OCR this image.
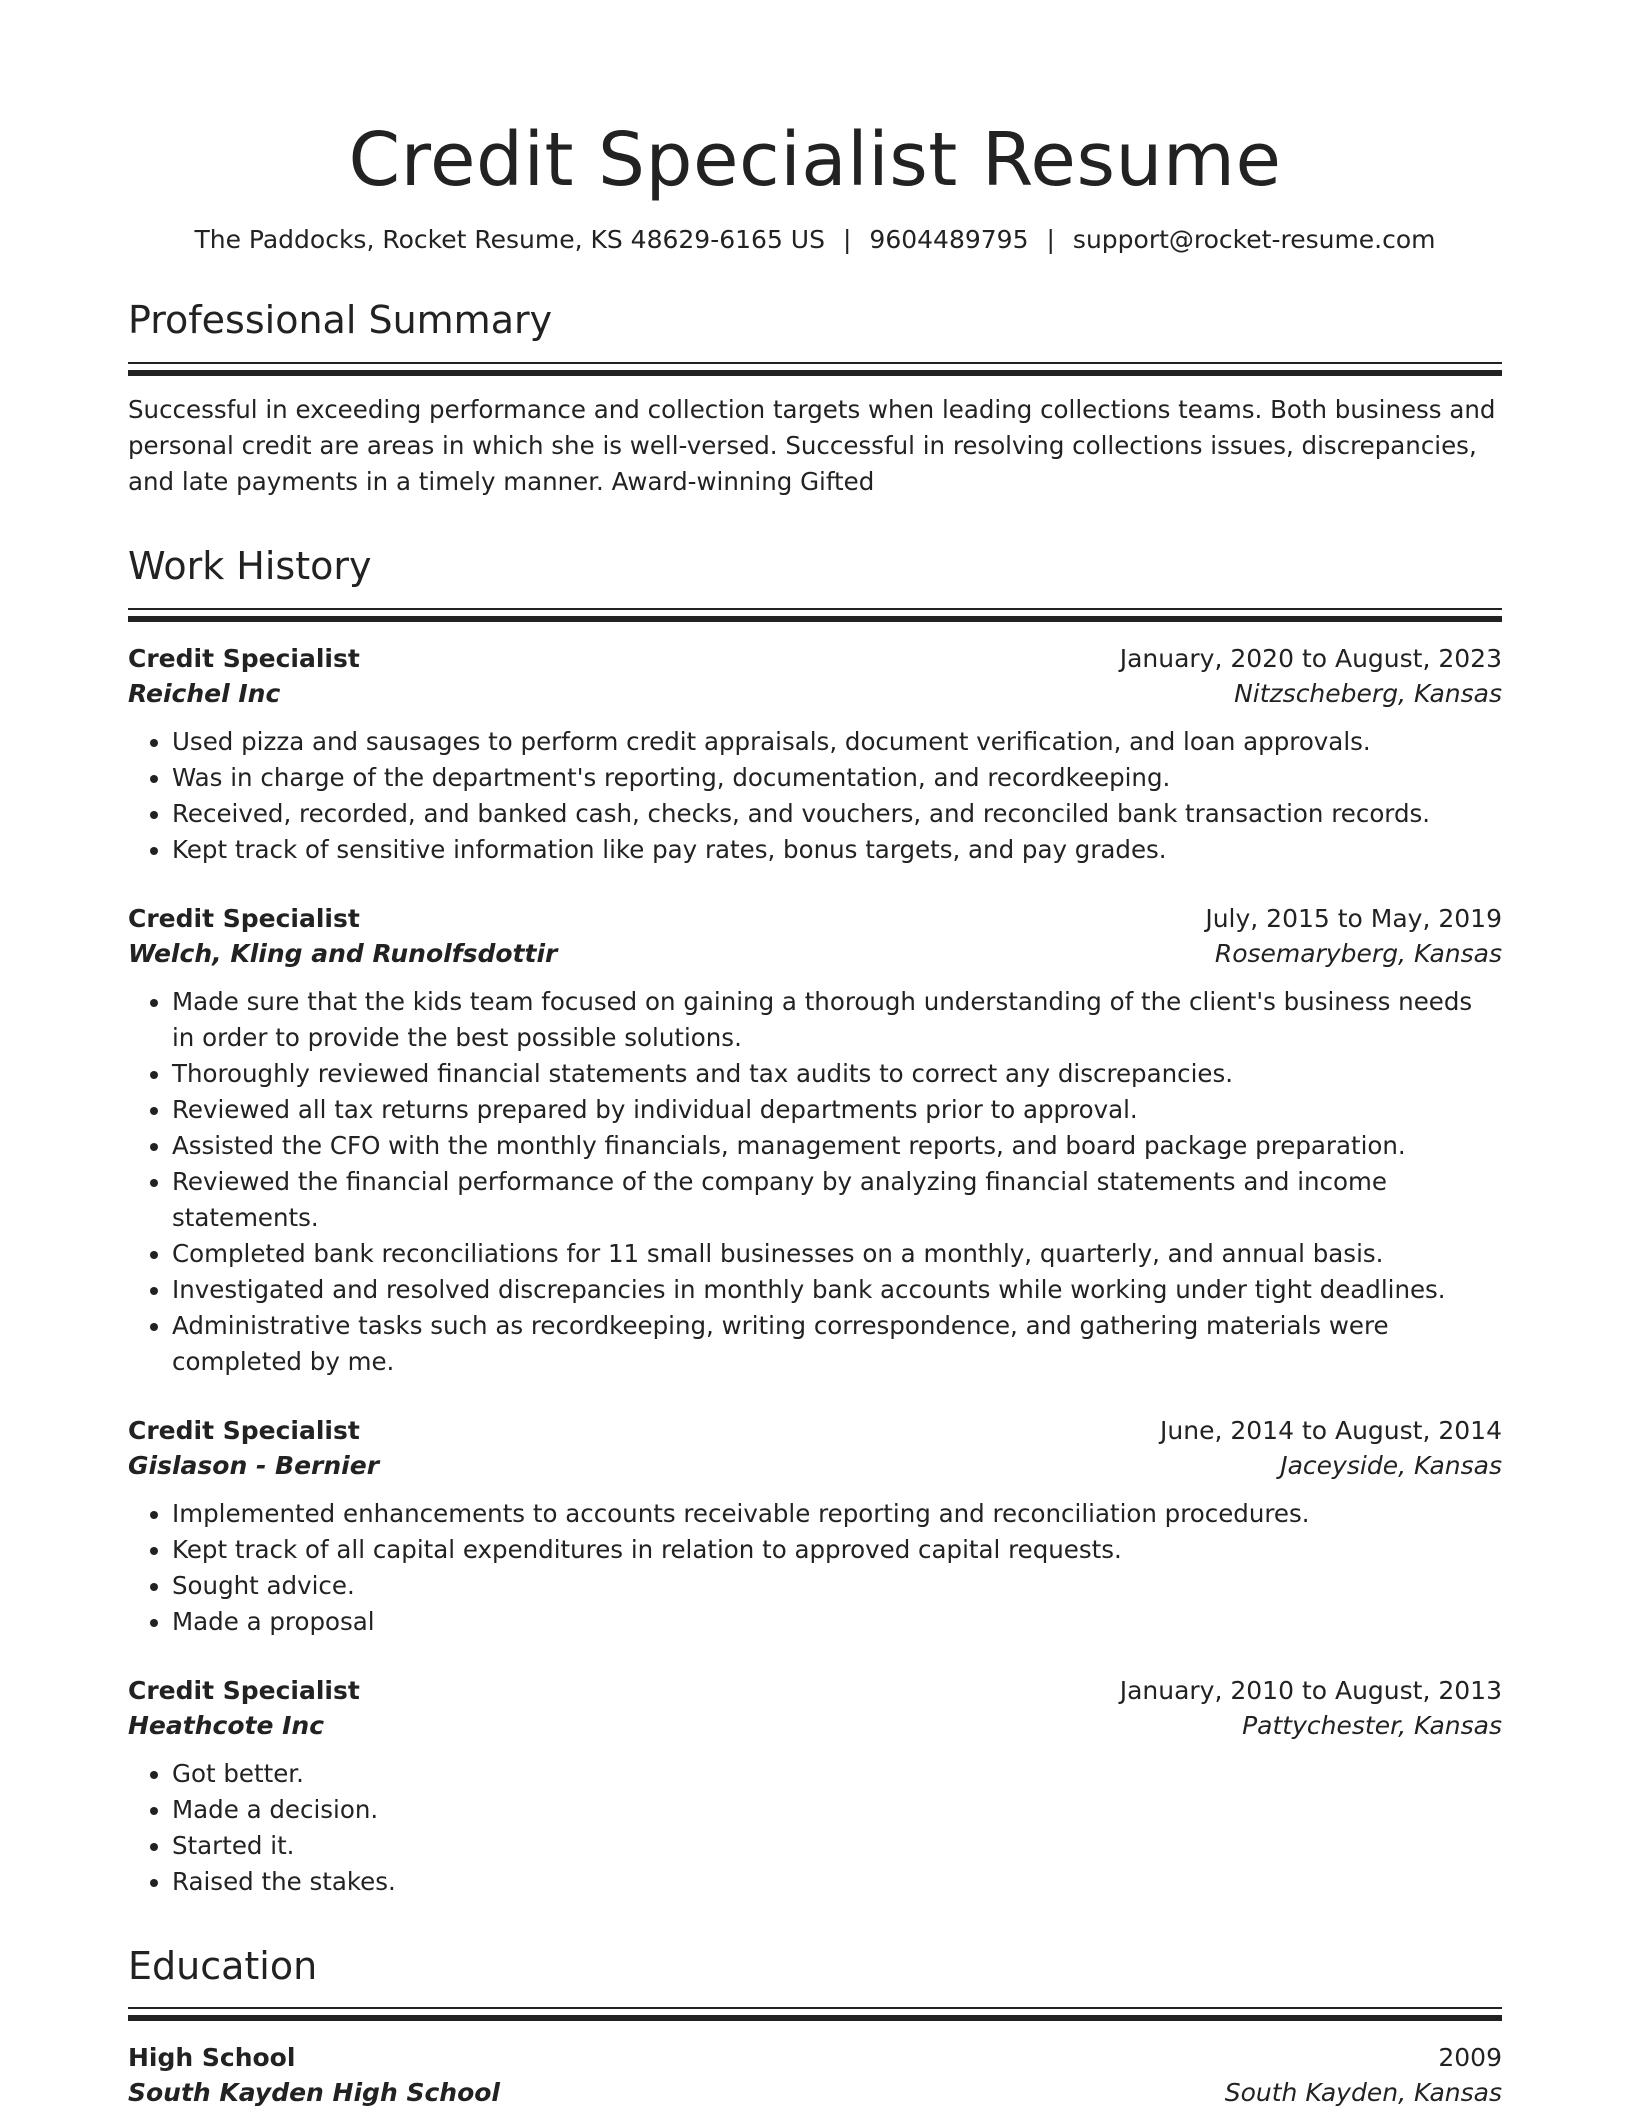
Credit Specialist Resume
The Paddocks, Rocket Resume, KS 48629-6165 US | 9604489795 | support@rocket-resume.com
Professional Summary
Successful in exceeding performance and collection targets when leading collections teams. Both business and personal credit are areas in which she is well-versed. Successful in resolving collections issues, discrepancies, and late payments in a timely manner. Award-winning Gifted
Work History
Credit Specialist	January, 2020 to August, 2023
Reichel Inc	Nitzscheberg, Kansas
• Used pizza and sausages to perform credit appraisals, document verification, and loan approvals.
• Was in charge of the department's reporting, documentation, and recordkeeping.
• Received, recorded, and banked cash, checks, and vouchers, and reconciled bank transaction records.
• Kept track of sensitive information like pay rates, bonus targets, and pay grades.
Credit Specialist	July, 2015 to May, 2019
Welch, Kling and Runolfsdottir	Rosemaryberg, Kansas
• Made sure that the kids team focused on gaining a thorough understanding of the client's business needs in order to provide the best possible solutions.
• Thoroughly reviewed financial statements and tax audits to correct any discrepancies.
• Reviewed all tax returns prepared by individual departments prior to approval.
• Assisted the CFO with the monthly financials, management reports, and board package preparation.
• Reviewed the financial performance of the company by analyzing financial statements and income statements.
• Completed bank reconciliations for 11 small businesses on a monthly, quarterly, and annual basis.
• Investigated and resolved discrepancies in monthly bank accounts while working under tight deadlines.
• Administrative tasks such as recordkeeping, writing correspondence, and gathering materials were completed by me.
Credit Specialist	June, 2014 to August, 2014
Gislason - Bernier	Jaceyside, Kansas
• Implemented enhancements to accounts receivable reporting and reconciliation procedures.
• Kept track of all capital expenditures in relation to approved capital requests.
• Sought advice.
• Made a proposal
Credit Specialist	January, 2010 to August, 2013
Heathcote Inc	Pattychester, Kansas
• Got better.
• Made a decision.
• Started it.
• Raised the stakes.
Education
High School	2009
South Kayden High School	South Kayden, Kansas
